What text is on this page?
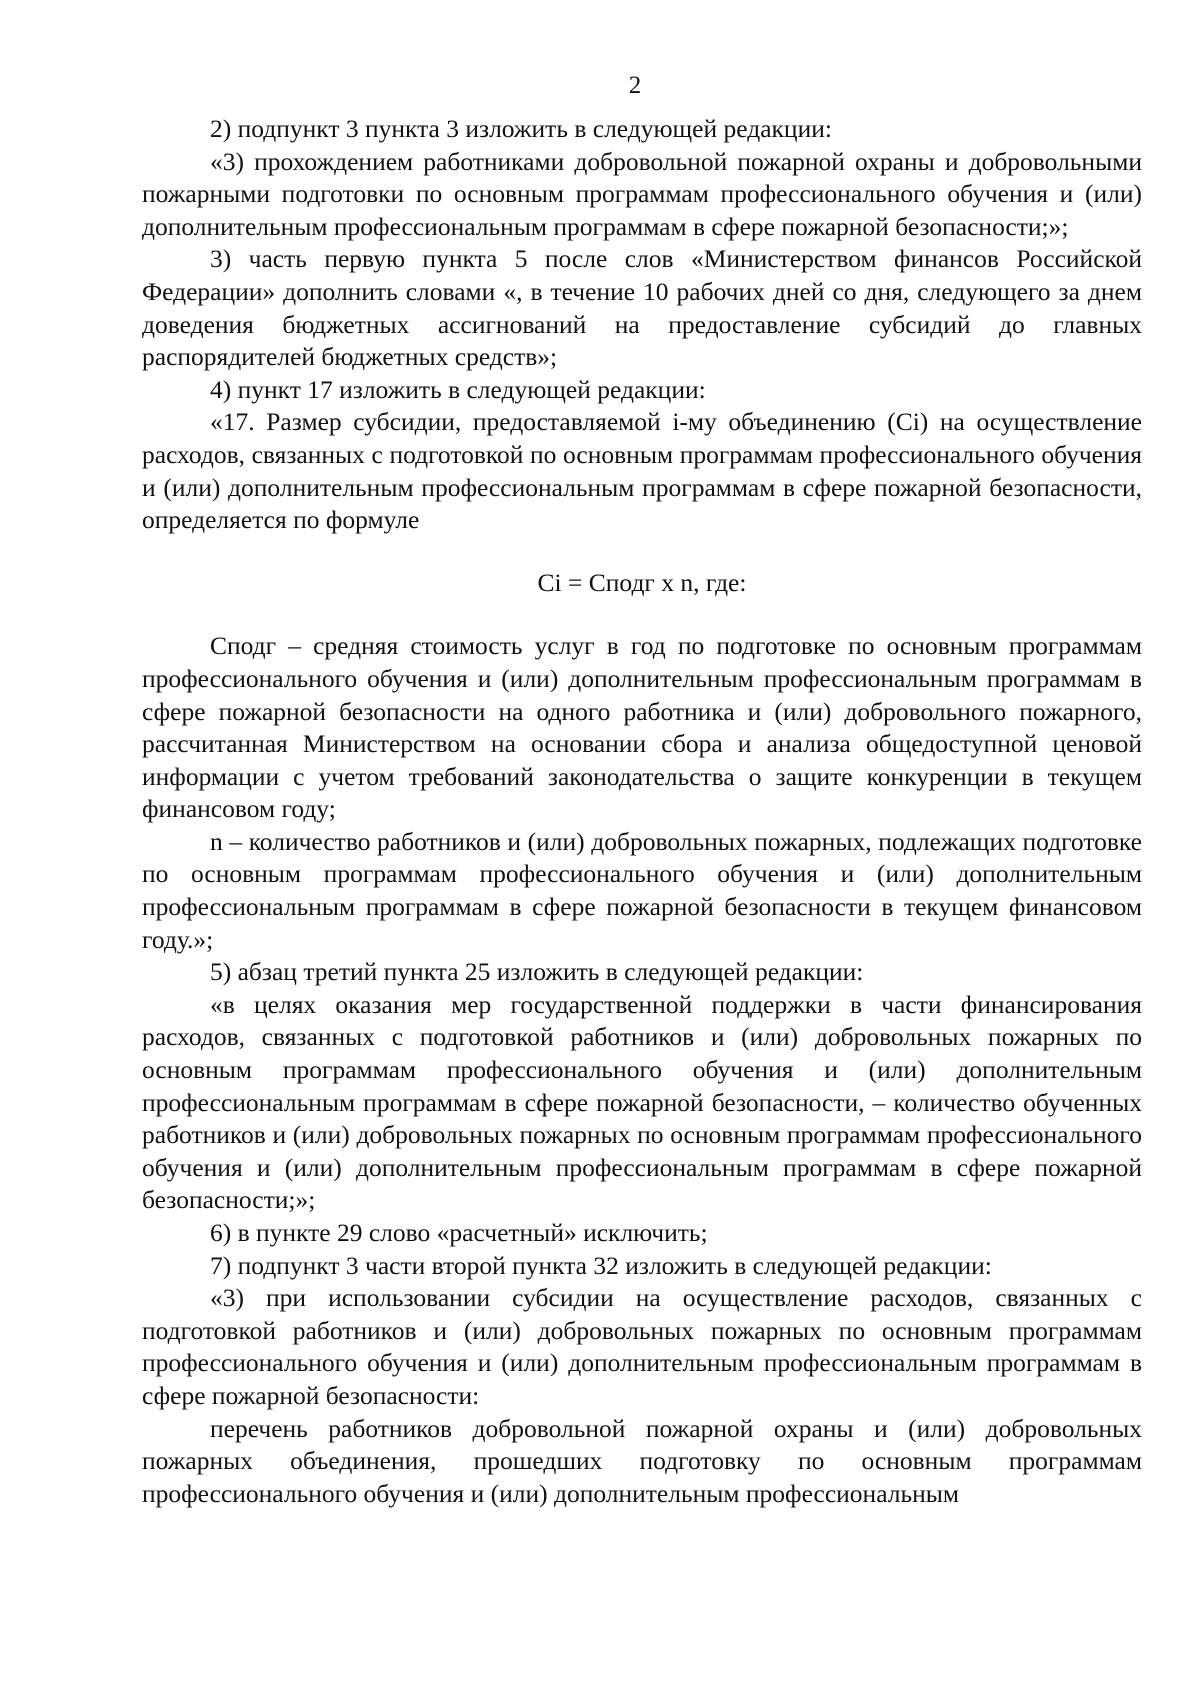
2

2) подпункт 3 пункта 3 изложить в следующей редакции:

«3) прохождением работниками добровольной пожарной охраны и добровольными пожарными подготовки по основным программам профессионального обучения и (или) дополнительным профессиональным программам в сфере пожарной безопасности;»;

3) часть первую пункта 5 после слов «Министерством финансов Российской Федерации» дополнить словами «, в течение 10 рабочих дней со дня, следующего за днем доведения бюджетных ассигнований на предоставление субсидий до главных распорядителей бюджетных средств»;

4) пункт 17 изложить в следующей редакции:

«17. Размер субсидии, предоставляемой i-му объединению (Ci) на осуществление расходов, связанных с подготовкой по основным программам профессионального обучения и (или) дополнительным профессиональным программам в сфере пожарной безопасности, определяется по формуле

Ci = Сподг х n, где:

Сподг – средняя стоимость услуг в год по подготовке по основным программам профессионального обучения и (или) дополнительным профессиональным программам в сфере пожарной безопасности на одного работника и (или) добровольного пожарного, рассчитанная Министерством на основании сбора и анализа общедоступной ценовой информации с учетом требований законодательства о защите конкуренции в текущем финансовом году;

n – количество работников и (или) добровольных пожарных, подлежащих подготовке по основным программам профессионального обучения и (или) дополнительным профессиональным программам в сфере пожарной безопасности в текущем финансовом году.»;

5) абзац третий пункта 25 изложить в следующей редакции:

«в целях оказания мер государственной поддержки в части финансирования расходов, связанных с подготовкой работников и (или) добровольных пожарных по основным программам профессионального обучения и (или) дополнительным профессиональным программам в сфере пожарной безопасности, – количество обученных работников и (или) добровольных пожарных по основным программам профессионального обучения и (или) дополнительным профессиональным программам в сфере пожарной безопасности;»;

6) в пункте 29 слово «расчетный» исключить;

7) подпункт 3 части второй пункта 32 изложить в следующей редакции:

«3) при использовании субсидии на осуществление расходов, связанных с подготовкой работников и (или) добровольных пожарных по основным программам профессионального обучения и (или) дополнительным профессиональным программам в сфере пожарной безопасности:

перечень работников добровольной пожарной охраны и (или) добровольных пожарных объединения, прошедших подготовку по основным программам профессионального обучения и (или) дополнительным профессиональным
